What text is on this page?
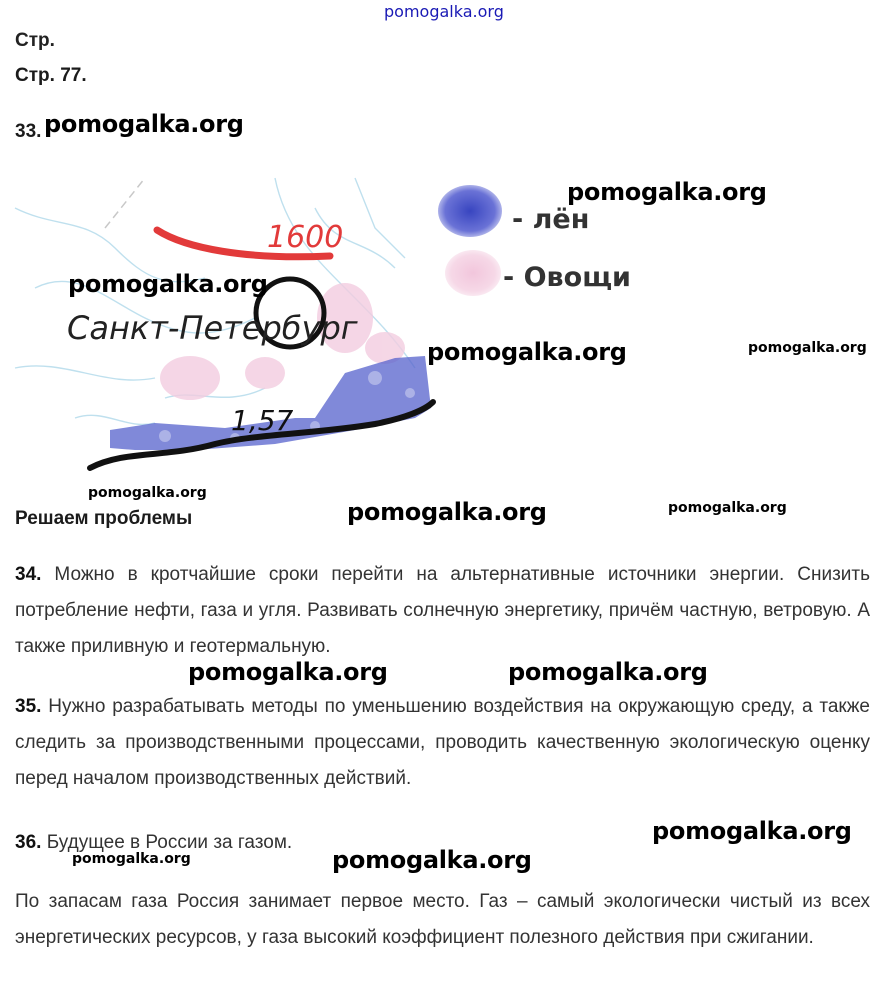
pomogalka.org
Стр.
Стр. 77.
33. pomogalka.org
1600
Санкт-Петербург
1,57
pomogalka.org
pomogalka.org
- лён
- Овощи
pomogalka.org
pomogalka.org
pomogalka.org
Решаем проблемы	pomogalka.org	pomogalka.org
34. Можно в кротчайшие сроки перейти на альтернативные источники энергии. Снизить потребление нефти, газа и угля. Развивать солнечную энергетику, причём частную, ветровую. А также приливную и геотермальную.
pomogalka.org	pomogalka.org
35. Нужно разрабатывать методы по уменьшению воздействия на окружающую среду, а также следить за производственными процессами, проводить качественную экологическую оценку перед началом производственных действий.
36. Будущее в России за газом.	pomogalka.org
pomogalka.org	pomogalka.org
По запасам газа Россия занимает первое место. Газ – самый экологически чистый из всех энергетических ресурсов, у газа высокий коэффициент полезного действия при сжигании.
